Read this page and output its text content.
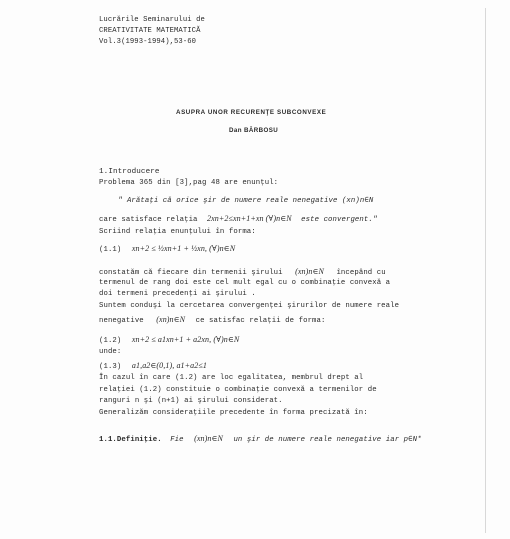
Lucrările Seminarului de
CREATIVITATE MATEMATICĂ
Vol.3(1993-1994),53-60
ASUPRA UNOR RECURENŢE SUBCONVEXE
Dan BĂRBOSU
1.Introducere
Problema 365 din [3],pag 48 are enunţul:
" Arătaţi că orice şir de numere reale nenegative (xn)n∈N
care satisface relaţia 2xn+2≤xn+1+xn (∀)n∈N este convergent."
Scriind relaţia enunţului în forma:
(1.1) xn+2 ≤ ½xn+1 + ½xn, (∀)n∈N
constatăm că fiecare din termenii şirului (xn)n∈N începând cu
termenul de rang doi este cel mult egal cu o combinaţie convexă a
doi termeni precedenţi ai şirului .
Suntem conduşi la cercetarea convergenţei şirurilor de numere reale
nenegative (xn)n∈N ce satisfac relaţii de forma:
(1.2) xn+2 ≤ a1xn+1 + a2xn, (∀)n∈N
unde:
(1.3) a1,a2∈(0,1), a1+a2≤1
În cazul în care (1.2) are loc egalitatea, membrul drept al
relaţiei (1.2) constituie o combinaţie convexă a termenilor de
ranguri n şi (n+1) ai şirului considerat.
Generalizăm consideraţiile precedente în forma precizată în:
1.1.Definiţie. Fie (xn)n∈N un şir de numere reale nenegative iar p∈N*
